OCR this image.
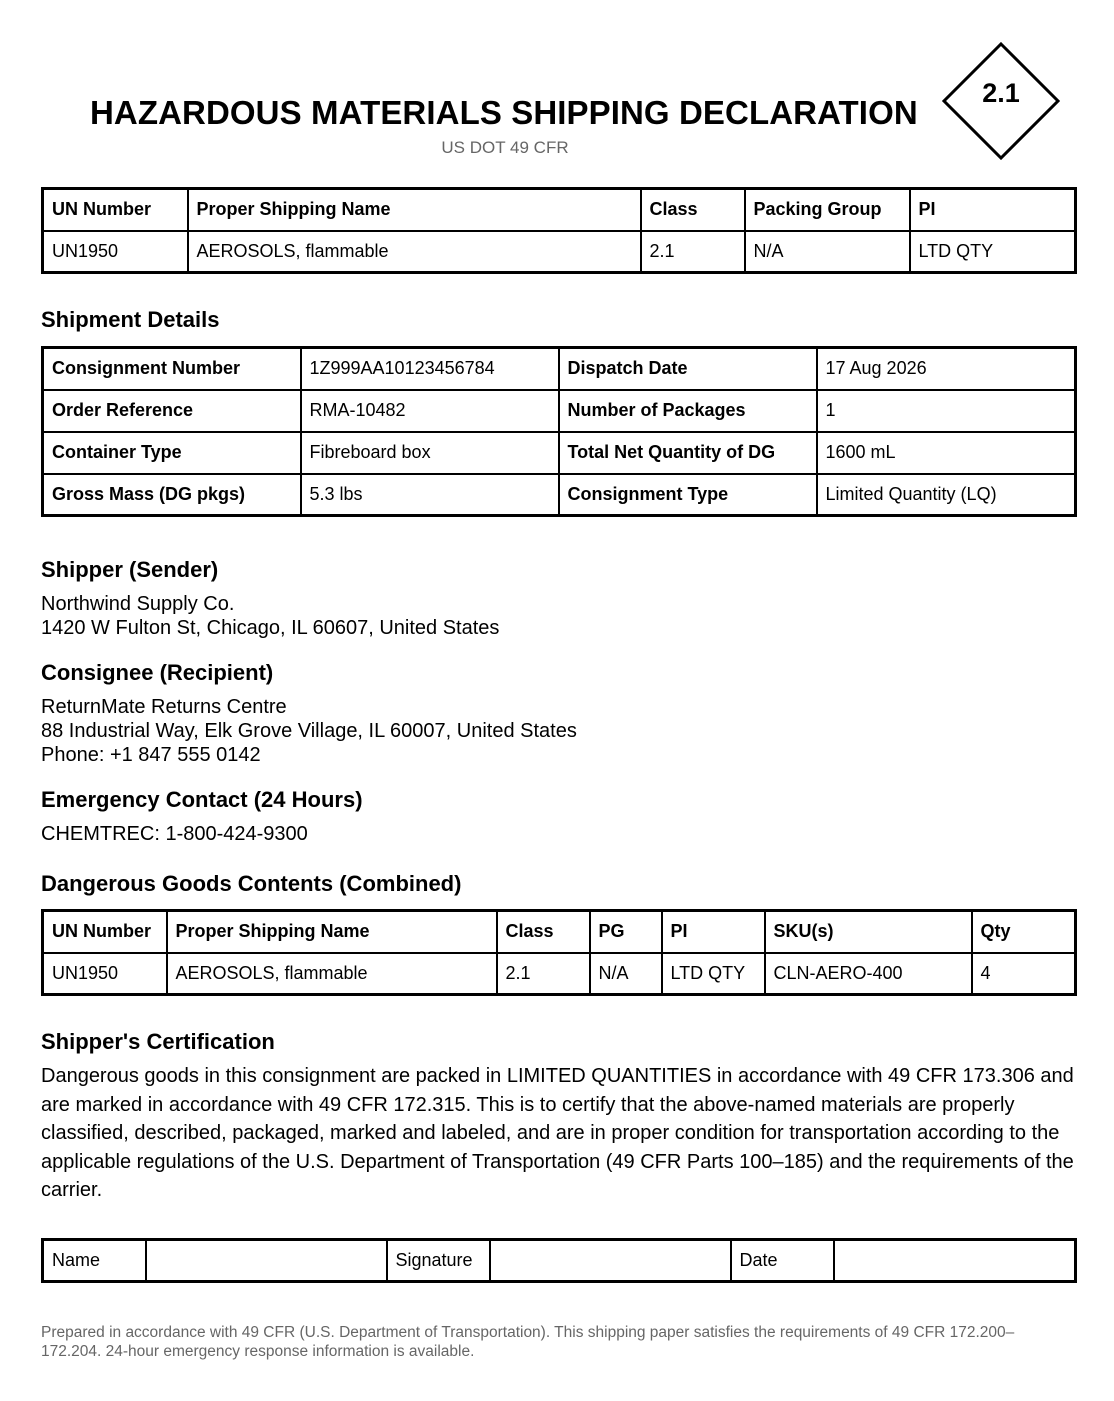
HAZARDOUS MATERIALS SHIPPING DECLARATION
US DOT 49 CFR
2.1
UN Number	Proper Shipping Name	Class	Packing Group	PI
UN1950	AEROSOLS, flammable	2.1	N/A	LTD QTY
Shipment Details
Consignment Number	1Z999AA10123456784	Dispatch Date	17 Aug 2026
Order Reference	RMA-10482	Number of Packages	1
Container Type	Fibreboard box	Total Net Quantity of DG	1600 mL
Gross Mass (DG pkgs)	5.3 lbs	Consignment Type	Limited Quantity (LQ)
Shipper (Sender)
Northwind Supply Co.
1420 W Fulton St, Chicago, IL 60607, United States
Consignee (Recipient)
ReturnMate Returns Centre
88 Industrial Way, Elk Grove Village, IL 60007, United States
Phone: +1 847 555 0142
Emergency Contact (24 Hours)
CHEMTREC: 1-800-424-9300
Dangerous Goods Contents (Combined)
UN Number	Proper Shipping Name	Class	PG	PI	SKU(s)	Qty
UN1950	AEROSOLS, flammable	2.1	N/A	LTD QTY	CLN-AERO-400	4
Shipper's Certification
Dangerous goods in this consignment are packed in LIMITED QUANTITIES in accordance with 49 CFR 173.306 and are marked in accordance with 49 CFR 172.315. This is to certify that the above-named materials are properly classified, described, packaged, marked and labeled, and are in proper condition for transportation according to the applicable regulations of the U.S. Department of Transportation (49 CFR Parts 100–185) and the requirements of the carrier.
Name		Signature		Date	
Prepared in accordance with 49 CFR (U.S. Department of Transportation). This shipping paper satisfies the requirements of 49 CFR 172.200–172.204. 24-hour emergency response information is available.
